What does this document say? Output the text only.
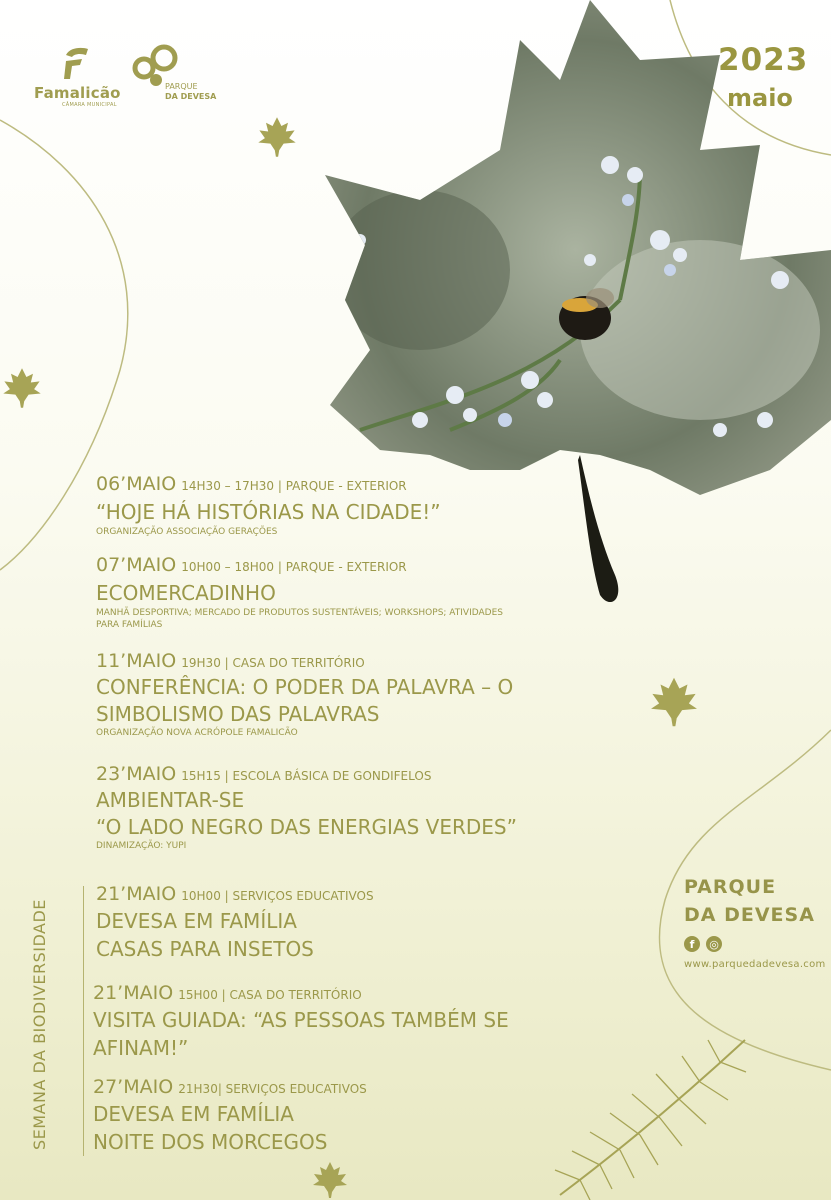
Famalicão
CÂMARA MUNICIPAL
PARQUE
DA DEVESA
2023
maio
06’MAIO 14H30 – 17H30 | PARQUE - EXTERIOR
“HOJE HÁ HISTÓRIAS NA CIDADE!”
ORGANIZAÇÃO ASSOCIAÇÃO GERAÇÕES
07’MAIO 10H00 – 18H00 | PARQUE - EXTERIOR
ECOMERCADINHO
MANHÃ DESPORTIVA; MERCADO DE PRODUTOS SUSTENTÁVEIS; WORKSHOPS; ATIVIDADES
PARA FAMÍLIAS
11’MAIO 19H30 | CASA DO TERRITÓRIO
CONFERÊNCIA: O PODER DA PALAVRA – O
SIMBOLISMO DAS PALAVRAS
ORGANIZAÇÃO NOVA ACRÓPOLE FAMALICÃO
23’MAIO 15H15 | ESCOLA BÁSICA DE GONDIFELOS
AMBIENTAR-SE
“O LADO NEGRO DAS ENERGIAS VERDES”
DINAMIZAÇÃO: YUPI
21’MAIO 10H00 | SERVIÇOS EDUCATIVOS
DEVESA EM FAMÍLIA
CASAS PARA INSETOS
21’MAIO 15H00 | CASA DO TERRITÓRIO
VISITA GUIADA: “AS PESSOAS TAMBÉM SE
AFINAM!”
27’MAIO 21H30| SERVIÇOS EDUCATIVOS
DEVESA EM FAMÍLIA
NOITE DOS MORCEGOS
SEMANA DA BIODIVERSIDADE
PARQUE
DA DEVESA
f	◎
www.parquedadevesa.com
